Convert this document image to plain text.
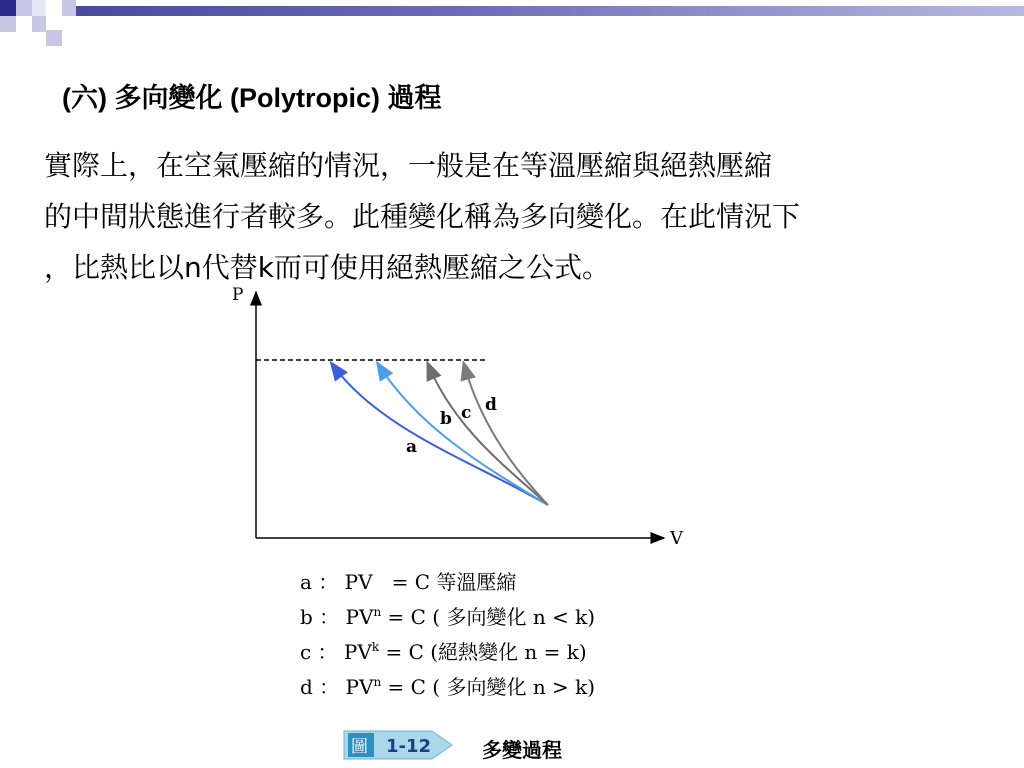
(六) 多向變化 (Polytropic) 過程
實際上，在空氣壓縮的情況，一般是在等溫壓縮與絕熱壓縮
的中間狀態進行者較多。此種變化稱為多向變化。在此情況下
，比熱比以n代替k而可使用絕熱壓縮之公式。
P
V
a
b c d
a ： PV = C 等溫壓縮
b ： $PV^n = C$ ( 多向變化 n < k)
c ： $PV^k = C$ (絕熱變化 n = k)
d ： $PV^n = C$ ( 多向變化 n > k)
圖 1-12	多變過程
